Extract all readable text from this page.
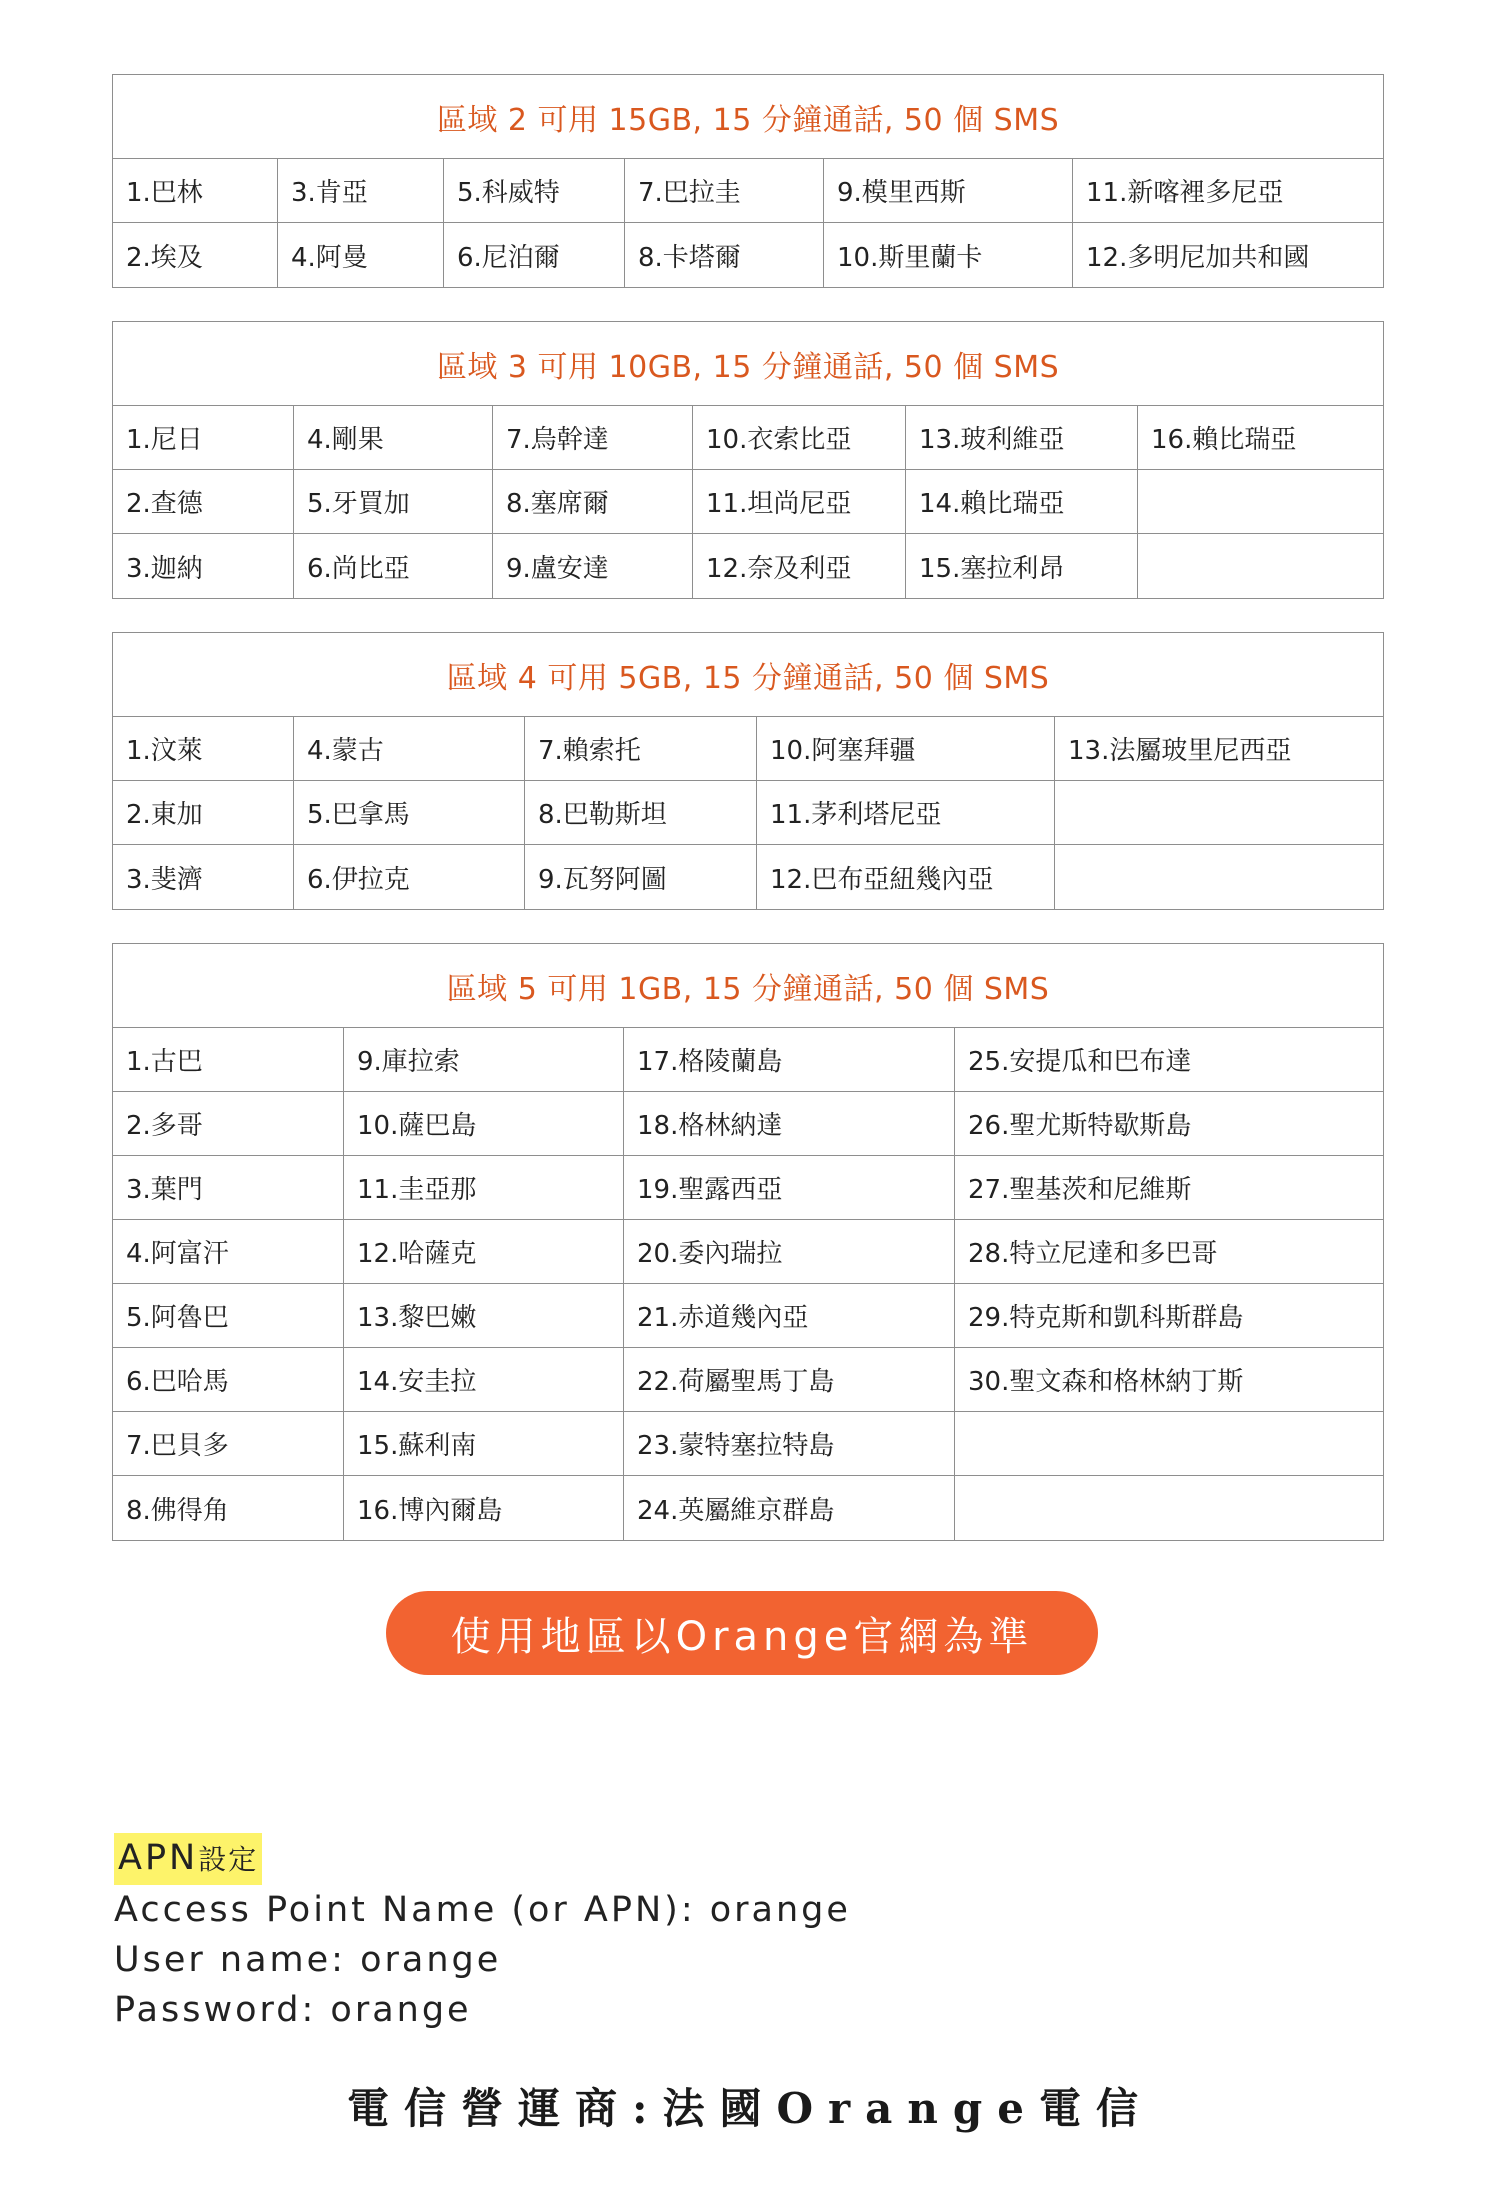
區域 2 可用 15GB, 15 分鐘通話, 50 個 SMS
1.巴林	3.肯亞	5.科威特	7.巴拉圭	9.模里西斯	11.新喀裡多尼亞
2.埃及	4.阿曼	6.尼泊爾	8.卡塔爾	10.斯里蘭卡	12.多明尼加共和國
區域 3 可用 10GB, 15 分鐘通話, 50 個 SMS
1.尼日	4.剛果	7.烏幹達	10.衣索比亞	13.玻利維亞	16.賴比瑞亞
2.查德	5.牙買加	8.塞席爾	11.坦尚尼亞	14.賴比瑞亞
3.迦納	6.尚比亞	9.盧安達	12.奈及利亞	15.塞拉利昂
區域 4 可用 5GB, 15 分鐘通話, 50 個 SMS
1.汶萊	4.蒙古	7.賴索托	10.阿塞拜疆	13.法屬玻里尼西亞
2.東加	5.巴拿馬	8.巴勒斯坦	11.茅利塔尼亞
3.斐濟	6.伊拉克	9.瓦努阿圖	12.巴布亞紐幾內亞
區域 5 可用 1GB, 15 分鐘通話, 50 個 SMS
1.古巴	9.庫拉索	17.格陵蘭島	25.安提瓜和巴布達
2.多哥	10.薩巴島	18.格林納達	26.聖尤斯特歇斯島
3.葉門	11.圭亞那	19.聖露西亞	27.聖基茨和尼維斯
4.阿富汗	12.哈薩克	20.委內瑞拉	28.特立尼達和多巴哥
5.阿魯巴	13.黎巴嫩	21.赤道幾內亞	29.特克斯和凱科斯群島
6.巴哈馬	14.安圭拉	22.荷屬聖馬丁島	30.聖文森和格林納丁斯
7.巴貝多	15.蘇利南	23.蒙特塞拉特島
8.佛得角	16.博內爾島	24.英屬維京群島
使用地區以Orange官網為準
APN設定
Access Point Name (or APN): orange
User name: orange
Password: orange
電信營運商:法國Orange電信
